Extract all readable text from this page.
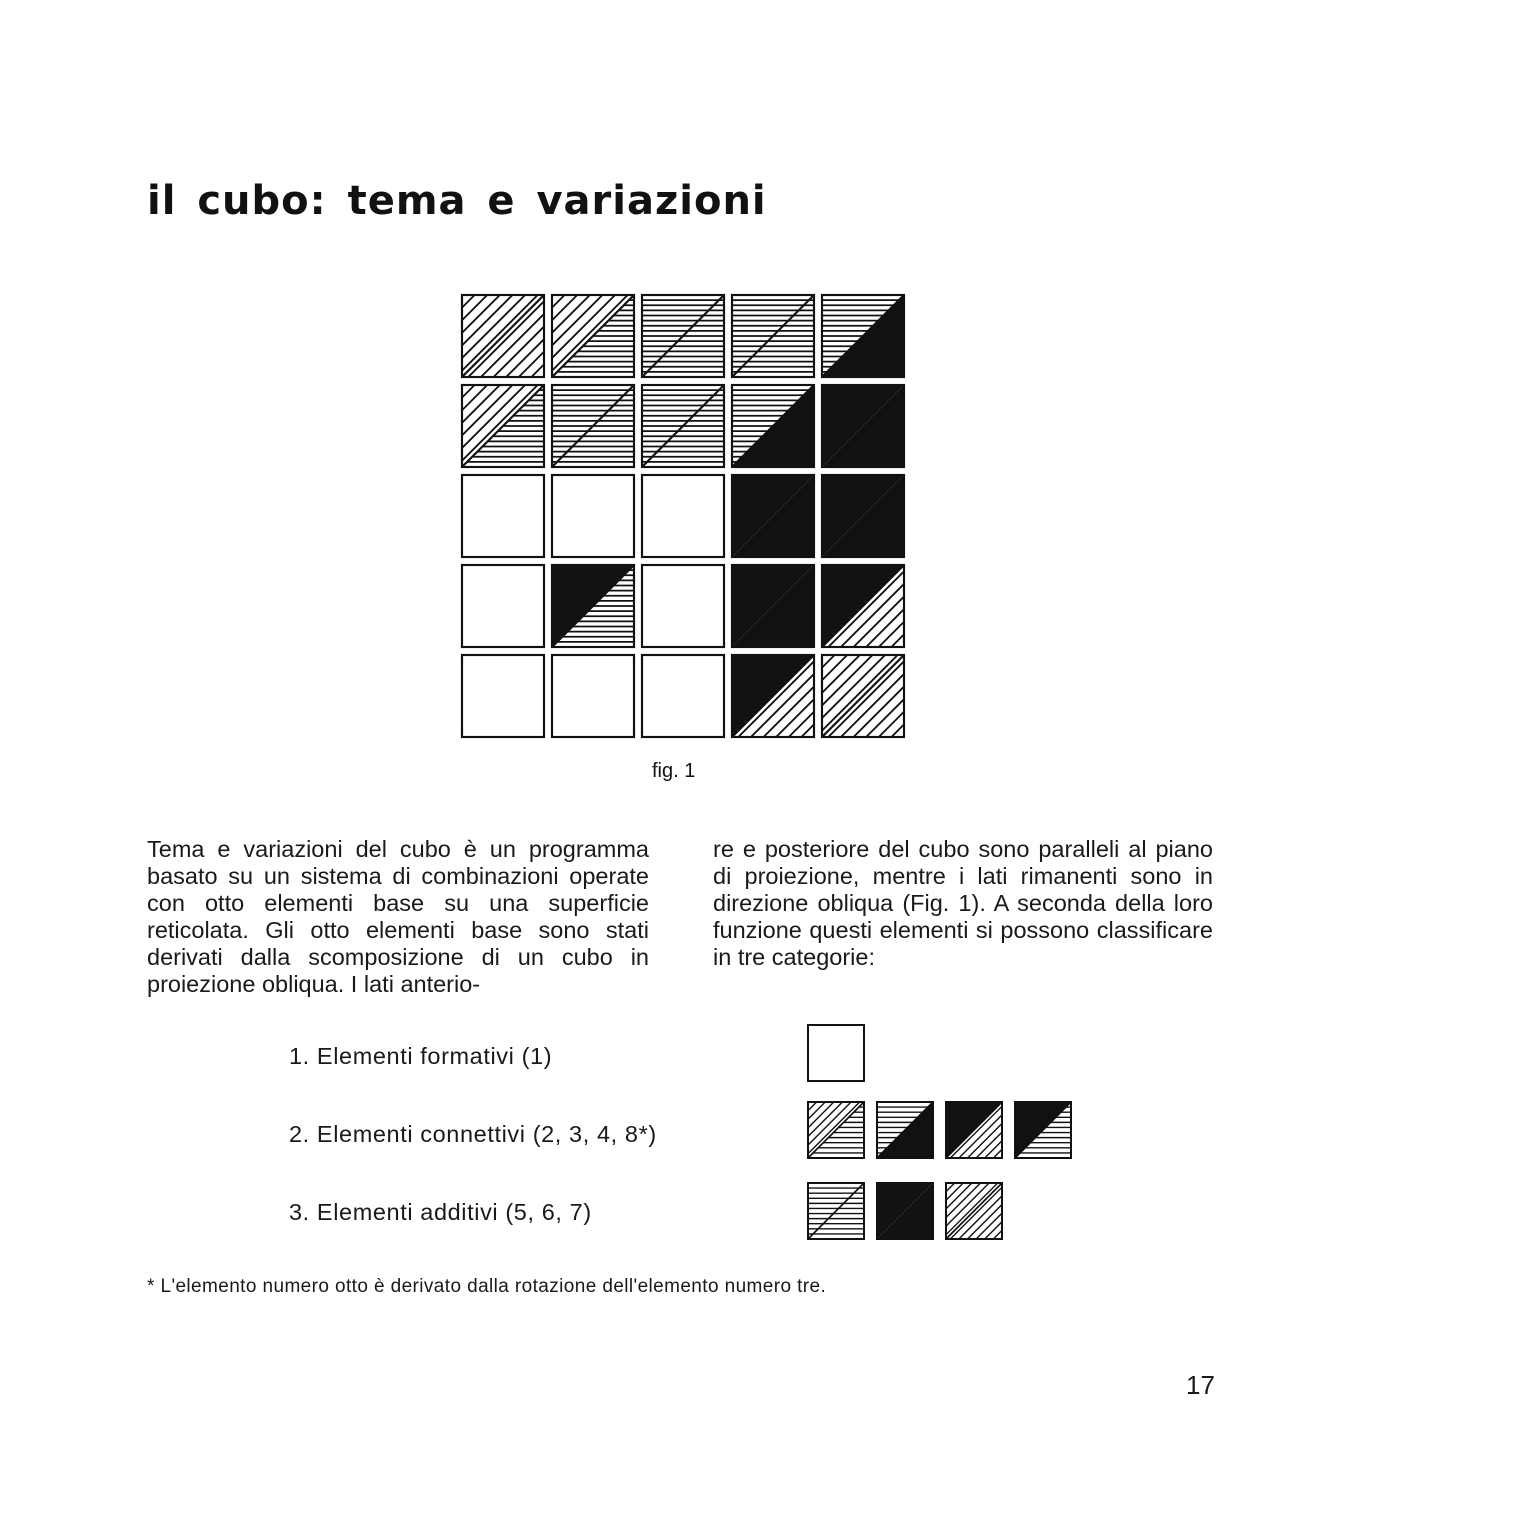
il cubo: tema e variazioni
fig. 1

Tema e variazioni del cubo è un programma basato su un sistema di combinazioni operate con otto elementi base su una superficie reticolata. Gli otto elementi base sono stati derivati dalla scomposizione di un cubo in proiezione obliqua. I lati anterio-

re e posteriore del cubo sono paralleli al piano di proiezione, mentre i lati rimanenti sono in direzione obliqua (Fig. 1). A seconda della loro funzione questi elementi si possono classificare in tre categorie:

1. Elementi formativi (1)
2. Elementi connettivi (2, 3, 4, 8*)
3. Elementi additivi (5, 6, 7)
* L'elemento numero otto è derivato dalla rotazione dell'elemento numero tre.
17
